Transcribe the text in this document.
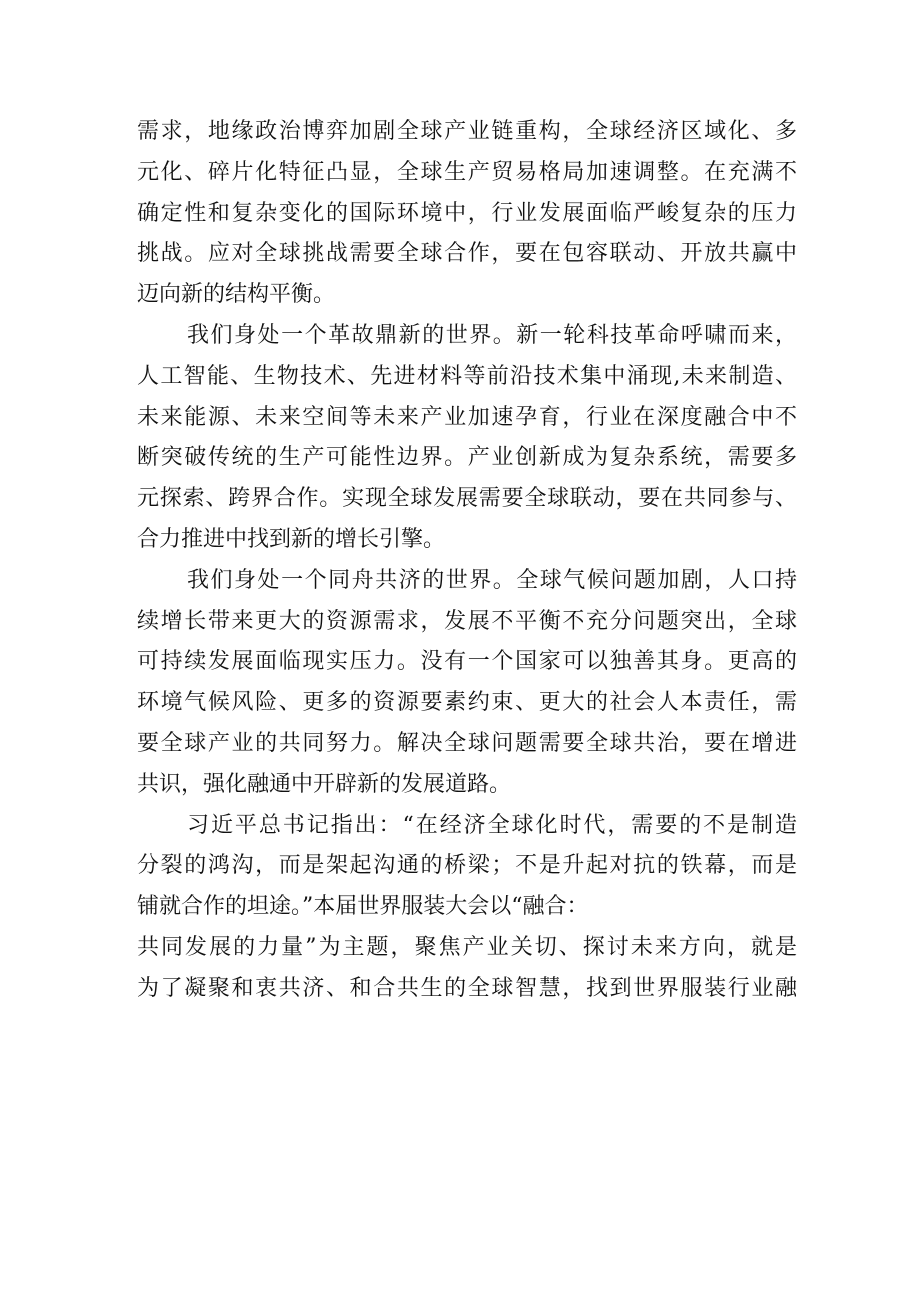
需求，地缘政治博弈加剧全球产业链重构，全球经济区域化、多
元化、碎片化特征凸显，全球生产贸易格局加速调整。在充满不
确定性和复杂变化的国际环境中，行业发展面临严峻复杂的压力
挑战。应对全球挑战需要全球合作，要在包容联动、开放共赢中
迈向新的结构平衡。
我们身处一个革故鼎新的世界。新一轮科技革命呼啸而来，
人工智能、生物技术、先进材料等前沿技术集中涌现,未来制造、
未来能源、未来空间等未来产业加速孕育，行业在深度融合中不
断突破传统的生产可能性边界。产业创新成为复杂系统，需要多
元探索、跨界合作。实现全球发展需要全球联动，要在共同参与、
合力推进中找到新的增长引擎。
我们身处一个同舟共济的世界。全球气候问题加剧，人口持
续增长带来更大的资源需求，发展不平衡不充分问题突出，全球
可持续发展面临现实压力。没有一个国家可以独善其身。更高的
环境气候风险、更多的资源要素约束、更大的社会人本责任，需
要全球产业的共同努力。解决全球问题需要全球共治，要在增进
共识，强化融通中开辟新的发展道路。
习近平总书记指出：“在经济全球化时代，需要的不是制造
分裂的鸿沟，而是架起沟通的桥梁；不是升起对抗的铁幕，而是
铺就合作的坦途。”本届世界服装大会以“融合：
共同发展的力量”为主题，聚焦产业关切、探讨未来方向，就是
为了凝聚和衷共济、和合共生的全球智慧，找到世界服装行业融
